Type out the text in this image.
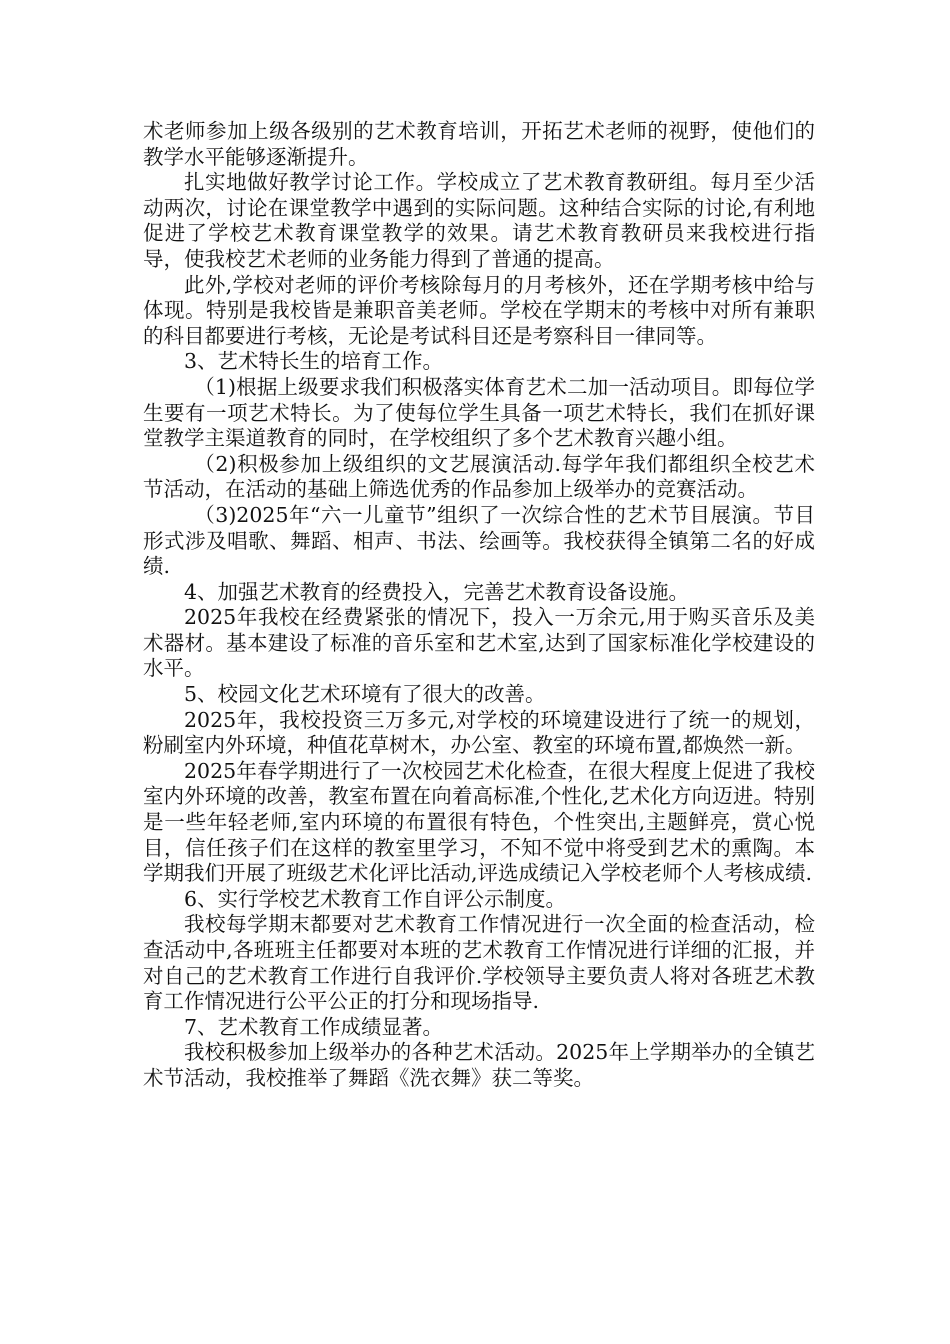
术老师参加上级各级别的艺术教育培训，开拓艺术老师的视野，使他们的教学水平能够逐渐提升。

扎实地做好教学讨论工作。学校成立了艺术教育教研组。每月至少活动两次，讨论在课堂教学中遇到的实际问题。这种结合实际的讨论,有利地促进了学校艺术教育课堂教学的效果。请艺术教育教研员来我校进行指导，使我校艺术老师的业务能力得到了普通的提高。

此外,学校对老师的评价考核除每月的月考核外，还在学期考核中给与体现。特别是我校皆是兼职音美老师。学校在学期末的考核中对所有兼职的科目都要进行考核，无论是考试科目还是考察科目一律同等。

3、艺术特长生的培育工作。

（1)根据上级要求我们积极落实体育艺术二加一活动项目。即每位学生要有一项艺术特长。为了使每位学生具备一项艺术特长，我们在抓好课堂教学主渠道教育的同时，在学校组织了多个艺术教育兴趣小组。

（2)积极参加上级组织的文艺展演活动.每学年我们都组织全校艺术节活动，在活动的基础上筛选优秀的作品参加上级举办的竞赛活动。

（3)2025年“六一儿童节”组织了一次综合性的艺术节目展演。节目形式涉及唱歌、舞蹈、相声、书法、绘画等。我校获得全镇第二名的好成绩.

4、加强艺术教育的经费投入，完善艺术教育设备设施。

2025年我校在经费紧张的情况下，投入一万余元,用于购买音乐及美术器材。基本建设了标准的音乐室和艺术室,达到了国家标准化学校建设的水平。

5、校园文化艺术环境有了很大的改善。

2025年，我校投资三万多元,对学校的环境建设进行了统一的规划，粉刷室内外环境，种值花草树木，办公室、教室的环境布置,都焕然一新。

2025年春学期进行了一次校园艺术化检查，在很大程度上促进了我校室内外环境的改善，教室布置在向着高标准,个性化,艺术化方向迈进。特别是一些年轻老师,室内环境的布置很有特色，个性突出,主题鲜亮，赏心悦目，信任孩子们在这样的教室里学习，不知不觉中将受到艺术的熏陶。本学期我们开展了班级艺术化评比活动,评选成绩记入学校老师个人考核成绩.

6、实行学校艺术教育工作自评公示制度。

我校每学期末都要对艺术教育工作情况进行一次全面的检查活动，检查活动中,各班班主任都要对本班的艺术教育工作情况进行详细的汇报，并对自己的艺术教育工作进行自我评价.学校领导主要负责人将对各班艺术教育工作情况进行公平公正的打分和现场指导.

7、艺术教育工作成绩显著。

我校积极参加上级举办的各种艺术活动。2025年上学期举办的全镇艺术节活动，我校推举了舞蹈《洗衣舞》获二等奖。
